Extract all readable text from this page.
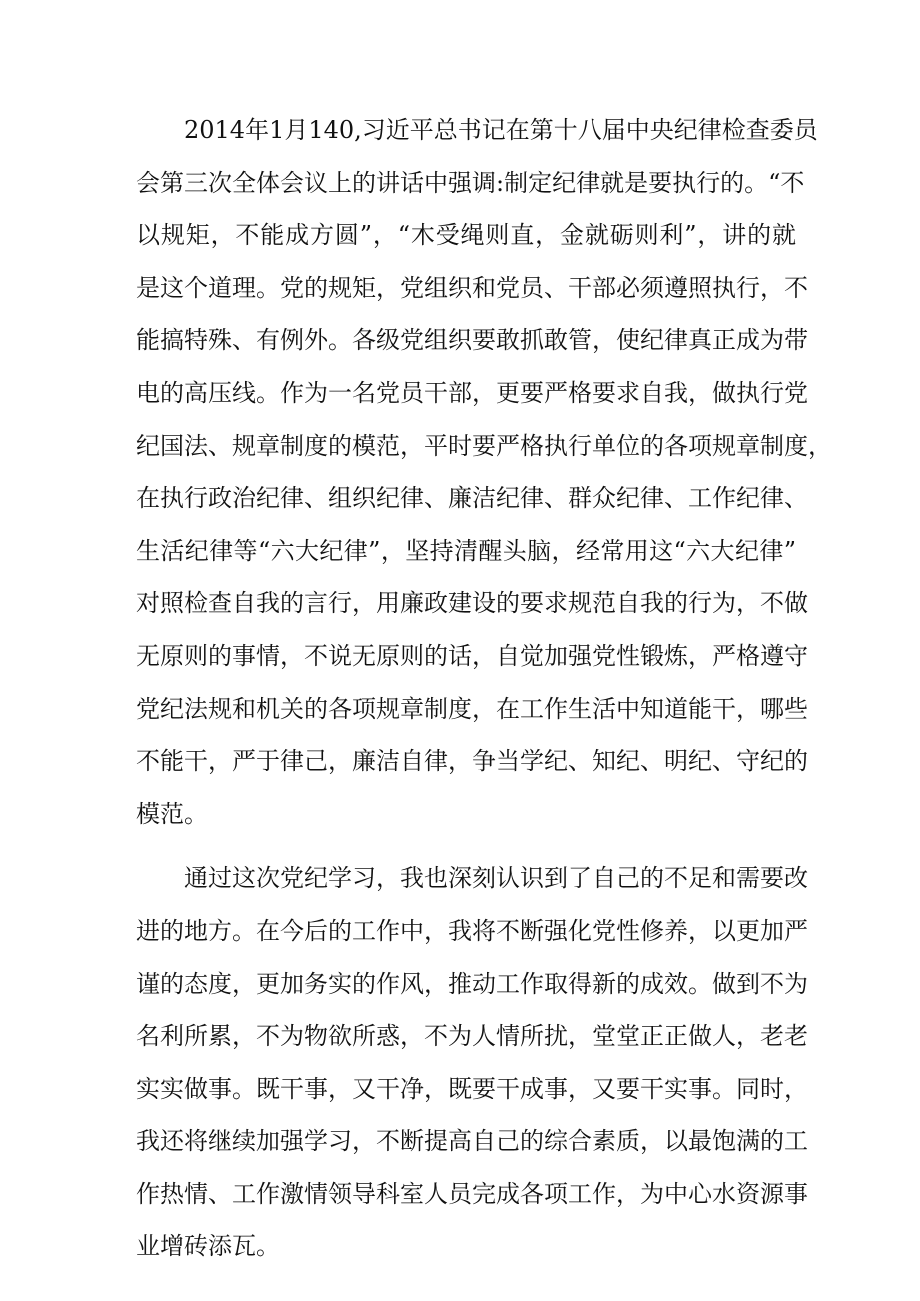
2014年1月140,习近平总书记在第十八届中央纪律检查委员
会第三次全体会议上的讲话中强调:制定纪律就是要执行的。“不
以规矩，不能成方圆”，“木受绳则直，金就砺则利”，讲的就
是这个道理。党的规矩，党组织和党员、干部必须遵照执行，不
能搞特殊、有例外。各级党组织要敢抓敢管，使纪律真正成为带
电的高压线。作为一名党员干部，更要严格要求自我，做执行党
纪国法、规章制度的模范，平时要严格执行单位的各项规章制度，
在执行政治纪律、组织纪律、廉洁纪律、群众纪律、工作纪律、
生活纪律等“六大纪律”，坚持清醒头脑，经常用这“六大纪律”
对照检查自我的言行，用廉政建设的要求规范自我的行为，不做
无原则的事情，不说无原则的话，自觉加强党性锻炼，严格遵守
党纪法规和机关的各项规章制度，在工作生活中知道能干，哪些
不能干，严于律己，廉洁自律，争当学纪、知纪、明纪、守纪的
模范。
通过这次党纪学习，我也深刻认识到了自己的不足和需要改
进的地方。在今后的工作中，我将不断强化党性修养，以更加严
谨的态度，更加务实的作风，推动工作取得新的成效。做到不为
名利所累，不为物欲所惑，不为人情所扰，堂堂正正做人，老老
实实做事。既干事，又干净，既要干成事，又要干实事。同时，
我还将继续加强学习，不断提高自己的综合素质，以最饱满的工
作热情、工作激情领导科室人员完成各项工作，为中心水资源事
业增砖添瓦。
